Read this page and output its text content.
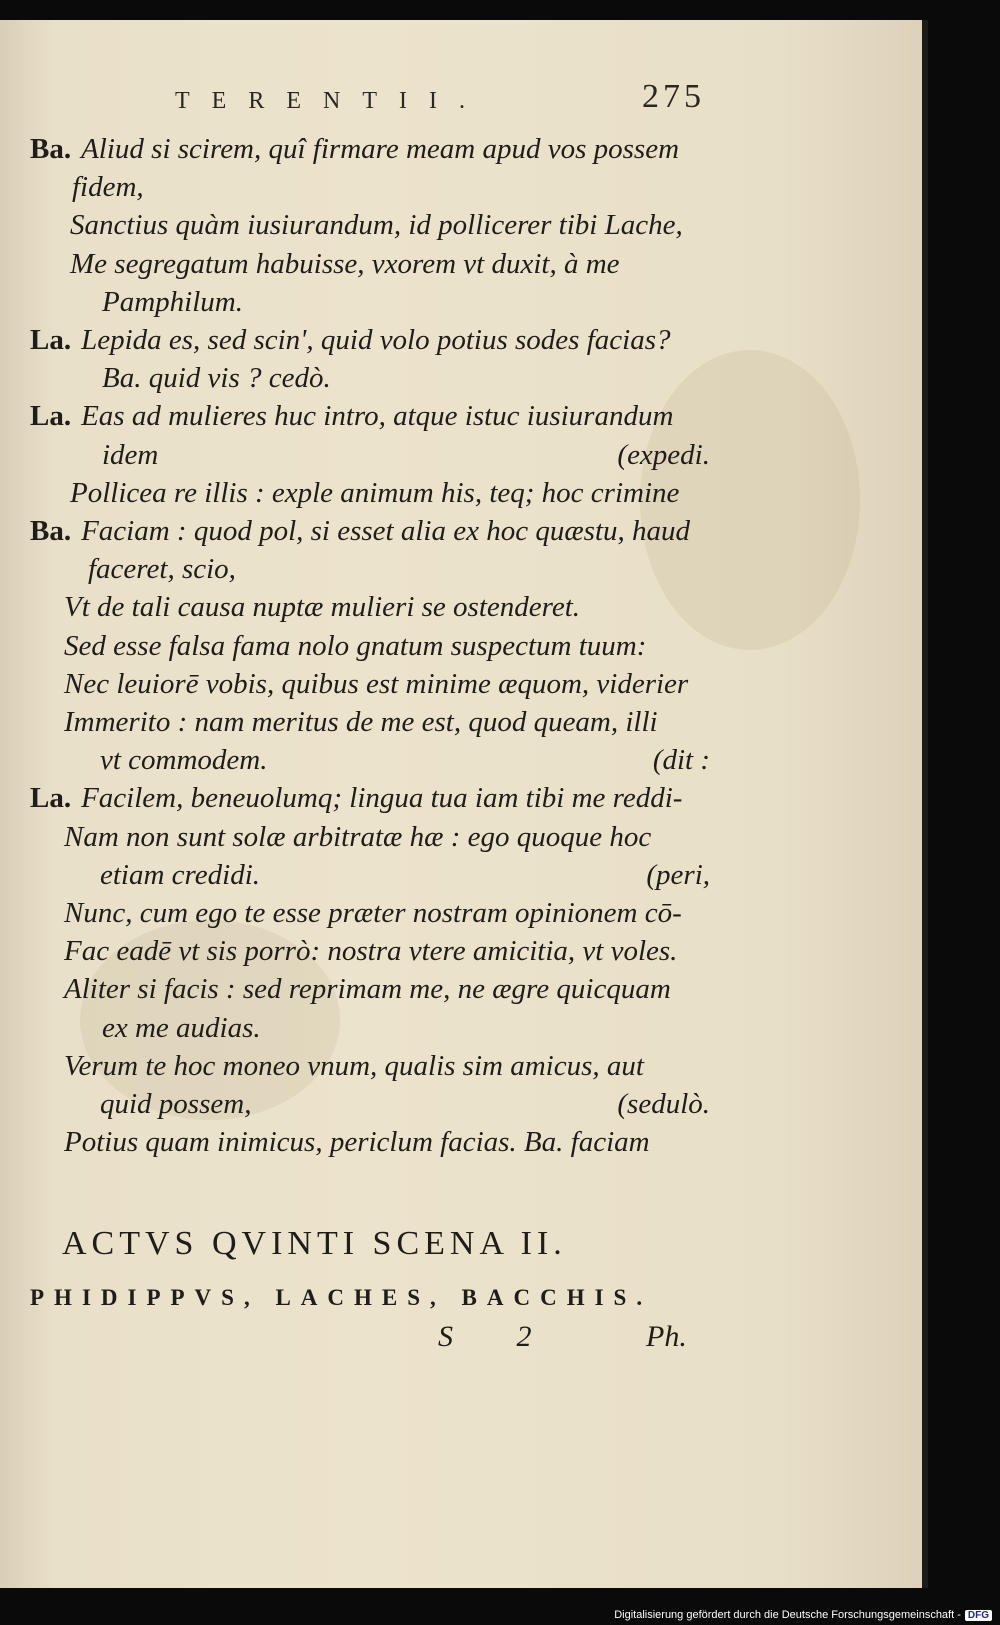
TERENTII.	275
Ba. Aliud si scirem, quî firmare meam apud vos possem
fidem,
Sanctius quàm iusiurandum, id pollicerer tibi Lache,
Me segregatum habuisse, vxorem vt duxit, à me
Pamphilum.
La. Lepida es, sed scin', quid volo potius sodes facias?
Ba. quid vis ? cedò.
La. Eas ad mulieres huc intro, atque istuc iusiurandum
idem	(expedi.
Pollicea re illis : exple animum his, teq; hoc crimine
Ba. Faciam : quod pol, si esset alia ex hoc quæstu, haud
faceret, scio,
Vt de tali causa nuptæ mulieri se ostenderet.
Sed esse falsa fama nolo gnatum suspectum tuum:
Nec leuiorē vobis, quibus est minime æquom, viderier
Immerito : nam meritus de me est, quod queam, illi
vt commodem.	(dit :
La. Facilem, beneuolumq; lingua tua iam tibi me reddi-
Nam non sunt solæ arbitratæ hæ : ego quoque hoc
etiam credidi.	(peri,
Nunc, cum ego te esse præter nostram opinionem cō-
Fac eadē vt sis porrò: nostra vtere amicitia, vt voles.
Aliter si facis : sed reprimam me, ne ægre quicquam
ex me audias.
Verum te hoc moneo vnum, qualis sim amicus, aut
quid possem,	(sedulò.
Potius quam inimicus, periclum facias. Ba. faciam
ACTVS QVINTI SCENA II.
PHIDIPPVS, LACHES, BACCHIS.
S 2	Ph.
Digitalisierung gefördert durch die Deutsche Forschungsgemeinschaft - DFG
